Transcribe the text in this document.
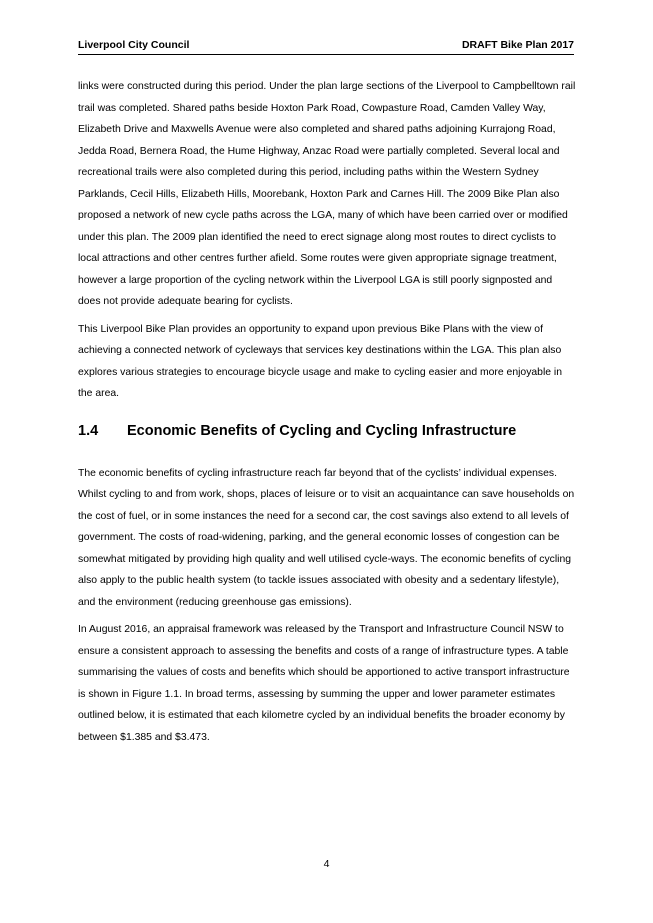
Liverpool City Council	DRAFT Bike Plan 2017

links were constructed during this period. Under the plan large sections of the Liverpool to Campbelltown rail trail was completed. Shared paths beside Hoxton Park Road, Cowpasture Road, Camden Valley Way, Elizabeth Drive and Maxwells Avenue were also completed and shared paths adjoining Kurrajong Road, Jedda Road, Bernera Road, the Hume Highway, Anzac Road were partially completed. Several local and recreational trails were also completed during this period, including paths within the Western Sydney Parklands, Cecil Hills, Elizabeth Hills, Moorebank, Hoxton Park and Carnes Hill. The 2009 Bike Plan also proposed a network of new cycle paths across the LGA, many of which have been carried over or modified under this plan. The 2009 plan identified the need to erect signage along most routes to direct cyclists to local attractions and other centres further afield. Some routes were given appropriate signage treatment, however a large proportion of the cycling network within the Liverpool LGA is still poorly signposted and does not provide adequate bearing for cyclists.

This Liverpool Bike Plan provides an opportunity to expand upon previous Bike Plans with the view of achieving a connected network of cycleways that services key destinations within the LGA. This plan also explores various strategies to encourage bicycle usage and make to cycling easier and more enjoyable in the area.

1.4 Economic Benefits of Cycling and Cycling Infrastructure

The economic benefits of cycling infrastructure reach far beyond that of the cyclists’ individual expenses. Whilst cycling to and from work, shops, places of leisure or to visit an acquaintance can save households on the cost of fuel, or in some instances the need for a second car, the cost savings also extend to all levels of government. The costs of road-widening, parking, and the general economic losses of congestion can be somewhat mitigated by providing high quality and well utilised cycle-ways. The economic benefits of cycling also apply to the public health system (to tackle issues associated with obesity and a sedentary lifestyle), and the environment (reducing greenhouse gas emissions).

In August 2016, an appraisal framework was released by the Transport and Infrastructure Council NSW to ensure a consistent approach to assessing the benefits and costs of a range of infrastructure types. A table summarising the values of costs and benefits which should be apportioned to active transport infrastructure is shown in Figure 1.1. In broad terms, assessing by summing the upper and lower parameter estimates outlined below, it is estimated that each kilometre cycled by an individual benefits the broader economy by between $1.385 and $3.473.

4
